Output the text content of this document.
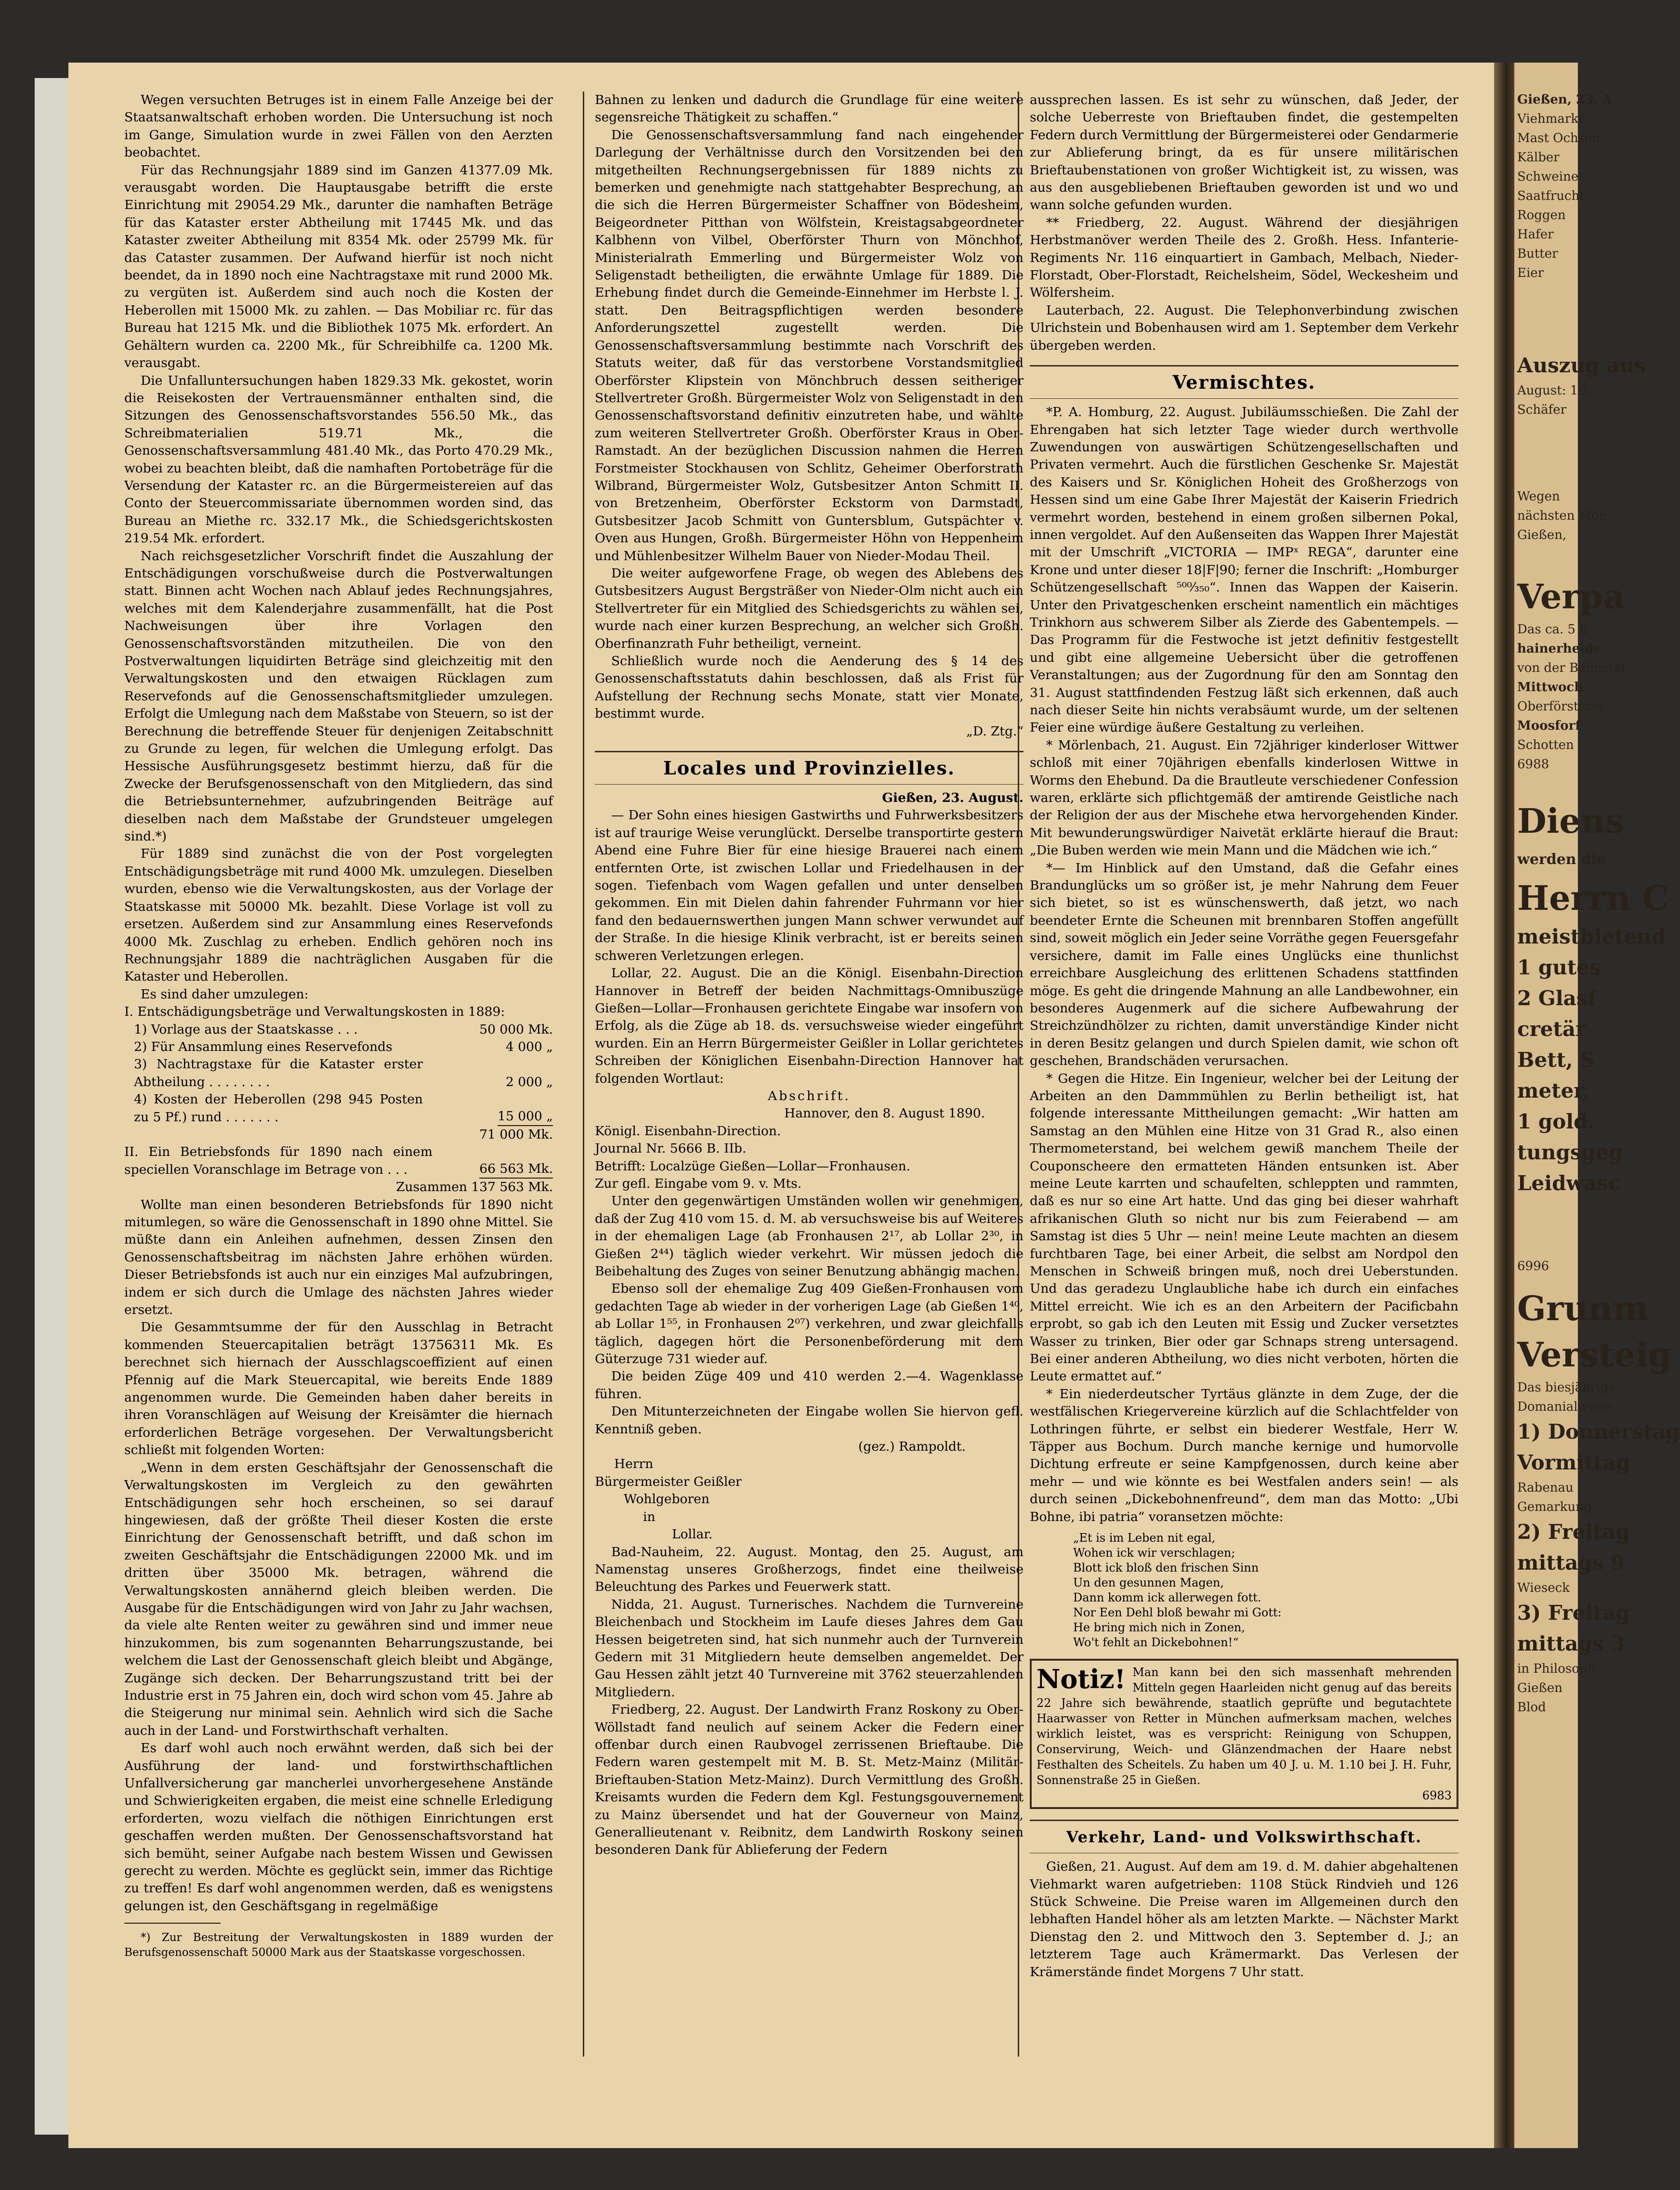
Wegen versuchten Betruges ist in einem Falle Anzeige bei der Staatsanwaltschaft erhoben worden. Die Untersuchung ist noch im Gange, Simulation wurde in zwei Fällen von den Aerzten beobachtet.

Für das Rechnungsjahr 1889 sind im Ganzen 41377.09 Mk. verausgabt worden. Die Hauptausgabe betrifft die erste Einrichtung mit 29054.29 Mk., darunter die namhaften Beträge für das Kataster erster Abtheilung mit 17445 Mk. und das Kataster zweiter Abtheilung mit 8354 Mk. oder 25799 Mk. für das Cataster zusammen. Der Aufwand hierfür ist noch nicht beendet, da in 1890 noch eine Nachtragstaxe mit rund 2000 Mk. zu vergüten ist. Außerdem sind auch noch die Kosten der Heberollen mit 15000 Mk. zu zahlen. — Das Mobiliar rc. für das Bureau hat 1215 Mk. und die Bibliothek 1075 Mk. erfordert. An Gehältern wurden ca. 2200 Mk., für Schreibhilfe ca. 1200 Mk. verausgabt.

Die Unfalluntersuchungen haben 1829.33 Mk. gekostet, worin die Reisekosten der Vertrauensmänner enthalten sind, die Sitzungen des Genossenschaftsvorstandes 556.50 Mk., das Schreibmaterialien 519.71 Mk., die Genossenschaftsversammlung 481.40 Mk., das Porto 470.29 Mk., wobei zu beachten bleibt, daß die namhaften Portobeträge für die Versendung der Kataster rc. an die Bürgermeistereien auf das Conto der Steuercommissariate übernommen worden sind, das Bureau an Miethe rc. 332.17 Mk., die Schiedsgerichtskosten 219.54 Mk. erfordert.

Nach reichsgesetzlicher Vorschrift findet die Auszahlung der Entschädigungen vorschußweise durch die Postverwaltungen statt. Binnen acht Wochen nach Ablauf jedes Rechnungsjahres, welches mit dem Kalenderjahre zusammenfällt, hat die Post Nachweisungen über ihre Vorlagen den Genossenschaftsvorständen mitzutheilen. Die von den Postverwaltungen liquidirten Beträge sind gleichzeitig mit den Verwaltungskosten und den etwaigen Rücklagen zum Reservefonds auf die Genossenschaftsmitglieder umzulegen. Erfolgt die Umlegung nach dem Maßstabe von Steuern, so ist der Berechnung die betreffende Steuer für denjenigen Zeitabschnitt zu Grunde zu legen, für welchen die Umlegung erfolgt. Das Hessische Ausführungsgesetz bestimmt hierzu, daß für die Zwecke der Berufsgenossenschaft von den Mitgliedern, das sind die Betriebsunternehmer, aufzubringenden Beiträge auf dieselben nach dem Maßstabe der Grundsteuer umgelegen sind.*)

Für 1889 sind zunächst die von der Post vorgelegten Entschädigungsbeträge mit rund 4000 Mk. umzulegen. Dieselben wurden, ebenso wie die Verwaltungskosten, aus der Vorlage der Staatskasse mit 50000 Mk. bezahlt. Diese Vorlage ist voll zu ersetzen. Außerdem sind zur Ansammlung eines Reservefonds 4000 Mk. Zuschlag zu erheben. Endlich gehören noch ins Rechnungsjahr 1889 die nachträglichen Ausgaben für die Kataster und Heberollen.

Es sind daher umzulegen:

I. Entschädigungsbeträge und Verwaltungskosten in 1889:

1) Vorlage aus der Staatskasse . . .	50 000 Mk.
2) Für Ansammlung eines Reservefonds	4 000 „
3) Nachtragstaxe für die Kataster erster Abtheilung . . . . . . . .	2 000 „
4) Kosten der Heberollen (298 945 Posten zu 5 Pf.) rund . . . . . . .	15 000 „
71 000 Mk.
II. Ein Betriebsfonds für 1890 nach einem speciellen Voranschlage im Betrage von . . .	66 563 Mk.
Zusammen 137 563 Mk.

Wollte man einen besonderen Betriebsfonds für 1890 nicht mitumlegen, so wäre die Genossenschaft in 1890 ohne Mittel. Sie müßte dann ein Anleihen aufnehmen, dessen Zinsen den Genossenschaftsbeitrag im nächsten Jahre erhöhen würden. Dieser Betriebsfonds ist auch nur ein einziges Mal aufzubringen, indem er sich durch die Umlage des nächsten Jahres wieder ersetzt.

Die Gesammtsumme der für den Ausschlag in Betracht kommenden Steuercapitalien beträgt 13756311 Mk. Es berechnet sich hiernach der Ausschlagscoeffizient auf einen Pfennig auf die Mark Steuercapital, wie bereits Ende 1889 angenommen wurde. Die Gemeinden haben daher bereits in ihren Voranschlägen auf Weisung der Kreisämter die hiernach erforderlichen Beträge vorgesehen. Der Verwaltungsbericht schließt mit folgenden Worten:

„Wenn in dem ersten Geschäftsjahr der Genossenschaft die Verwaltungskosten im Vergleich zu den gewährten Entschädigungen sehr hoch erscheinen, so sei darauf hingewiesen, daß der größte Theil dieser Kosten die erste Einrichtung der Genossenschaft betrifft, und daß schon im zweiten Geschäftsjahr die Entschädigungen 22000 Mk. und im dritten über 35000 Mk. betragen, während die Verwaltungskosten annähernd gleich bleiben werden. Die Ausgabe für die Entschädigungen wird von Jahr zu Jahr wachsen, da viele alte Renten weiter zu gewähren sind und immer neue hinzukommen, bis zum sogenannten Beharrungszustande, bei welchem die Last der Genossenschaft gleich bleibt und Abgänge, Zugänge sich decken. Der Beharrungszustand tritt bei der Industrie erst in 75 Jahren ein, doch wird schon vom 45. Jahre ab die Steigerung nur minimal sein. Aehnlich wird sich die Sache auch in der Land- und Forstwirthschaft verhalten.

Es darf wohl auch noch erwähnt werden, daß sich bei der Ausführung der land- und forstwirthschaftlichen Unfallversicherung gar mancherlei unvorhergesehene Anstände und Schwierigkeiten ergaben, die meist eine schnelle Erledigung erforderten, wozu vielfach die nöthigen Einrichtungen erst geschaffen werden mußten. Der Genossenschaftsvorstand hat sich bemüht, seiner Aufgabe nach bestem Wissen und Gewissen gerecht zu werden. Möchte es geglückt sein, immer das Richtige zu treffen! Es darf wohl angenommen werden, daß es wenigstens gelungen ist, den Geschäftsgang in regelmäßige

*) Zur Bestreitung der Verwaltungskosten in 1889 wurden der Berufsgenossenschaft 50000 Mark aus der Staatskasse vorgeschossen.

Bahnen zu lenken und dadurch die Grundlage für eine weitere segensreiche Thätigkeit zu schaffen.“

Die Genossenschaftsversammlung fand nach eingehender Darlegung der Verhältnisse durch den Vorsitzenden bei den mitgetheilten Rechnungsergebnissen für 1889 nichts zu bemerken und genehmigte nach stattgehabter Besprechung, an die sich die Herren Bürgermeister Schaffner von Bödesheim, Beigeordneter Pitthan von Wölfstein, Kreistagsabgeordneter Kalbhenn von Vilbel, Oberförster Thurn von Mönchhof, Ministerialrath Emmerling und Bürgermeister Wolz von Seligenstadt betheiligten, die erwähnte Umlage für 1889. Die Erhebung findet durch die Gemeinde-Einnehmer im Herbste l. J. statt. Den Beitragspflichtigen werden besondere Anforderungszettel zugestellt werden. Die Genossenschaftsversammlung bestimmte nach Vorschrift des Statuts weiter, daß für das verstorbene Vorstandsmitglied Oberförster Klipstein von Mönchbruch dessen seitheriger Stellvertreter Großh. Bürgermeister Wolz von Seligenstadt in den Genossenschaftsvorstand definitiv einzutreten habe, und wählte zum weiteren Stellvertreter Großh. Oberförster Kraus in Ober-Ramstadt. An der bezüglichen Discussion nahmen die Herren Forstmeister Stockhausen von Schlitz, Geheimer Oberforstrath Wilbrand, Bürgermeister Wolz, Gutsbesitzer Anton Schmitt II. von Bretzenheim, Oberförster Eckstorm von Darmstadt, Gutsbesitzer Jacob Schmitt von Guntersblum, Gutspächter v. Oven aus Hungen, Großh. Bürgermeister Höhn von Heppenheim und Mühlenbesitzer Wilhelm Bauer von Nieder-Modau Theil.

Die weiter aufgeworfene Frage, ob wegen des Ablebens des Gutsbesitzers August Bergsträßer von Nieder-Olm nicht auch ein Stellvertreter für ein Mitglied des Schiedsgerichts zu wählen sei, wurde nach einer kurzen Besprechung, an welcher sich Großh. Oberfinanzrath Fuhr betheiligt, verneint.

Schließlich wurde noch die Aenderung des § 14 des Genossenschaftsstatuts dahin beschlossen, daß als Frist für Aufstellung der Rechnung sechs Monate, statt vier Monate, bestimmt wurde.

„D. Ztg.“
Locales und Provinzielles.
Gießen, 23. August.

— Der Sohn eines hiesigen Gastwirths und Fuhrwerksbesitzers ist auf traurige Weise verunglückt. Derselbe transportirte gestern Abend eine Fuhre Bier für eine hiesige Brauerei nach einem entfernten Orte, ist zwischen Lollar und Friedelhausen in der sogen. Tiefenbach vom Wagen gefallen und unter denselben gekommen. Ein mit Dielen dahin fahrender Fuhrmann vor hier fand den bedauernswerthen jungen Mann schwer verwundet auf der Straße. In die hiesige Klinik verbracht, ist er bereits seinen schweren Verletzungen erlegen.

Lollar, 22. August. Die an die Königl. Eisenbahn-Direction Hannover in Betreff der beiden Nachmittags-Omnibuszüge Gießen—Lollar—Fronhausen gerichtete Eingabe war insofern von Erfolg, als die Züge ab 18. ds. versuchsweise wieder eingeführt wurden. Ein an Herrn Bürgermeister Geißler in Lollar gerichtetes Schreiben der Königlichen Eisenbahn-Direction Hannover hat folgenden Wortlaut:

Abschrift.
Hannover, den 8. August 1890.
Königl. Eisenbahn-Direction.
Journal Nr. 5666 B. IIb.
Betrifft: Localzüge Gießen—Lollar—Fronhausen.
Zur gefl. Eingabe vom 9. v. Mts.

Unter den gegenwärtigen Umständen wollen wir genehmigen, daß der Zug 410 vom 15. d. M. ab versuchsweise bis auf Weiteres in der ehemaligen Lage (ab Fronhausen 2¹⁷, ab Lollar 2³⁰, in Gießen 2⁴⁴) täglich wieder verkehrt. Wir müssen jedoch die Beibehaltung des Zuges von seiner Benutzung abhängig machen.

Ebenso soll der ehemalige Zug 409 Gießen-Fronhausen vom gedachten Tage ab wieder in der vorherigen Lage (ab Gießen 1⁴⁰, ab Lollar 1⁵⁵, in Fronhausen 2⁰⁷) verkehren, und zwar gleichfalls täglich, dagegen hört die Personenbeförderung mit dem Güterzuge 731 wieder auf.

Die beiden Züge 409 und 410 werden 2.—4. Wagenklasse führen.

Den Mitunterzeichneten der Eingabe wollen Sie hiervon gefl. Kenntniß geben.

(gez.) Rampoldt.
Herrn
Bürgermeister Geißler
Wohlgeboren
in
Lollar.

Bad-Nauheim, 22. August. Montag, den 25. August, am Namenstag unseres Großherzogs, findet eine theilweise Beleuchtung des Parkes und Feuerwerk statt.

Nidda, 21. August. Turnerisches. Nachdem die Turnvereine Bleichenbach und Stockheim im Laufe dieses Jahres dem Gau Hessen beigetreten sind, hat sich nunmehr auch der Turnverein Gedern mit 31 Mitgliedern heute demselben angemeldet. Der Gau Hessen zählt jetzt 40 Turnvereine mit 3762 steuerzahlenden Mitgliedern.

Friedberg, 22. August. Der Landwirth Franz Roskony zu Ober-Wöllstadt fand neulich auf seinem Acker die Federn einer offenbar durch einen Raubvogel zerrissenen Brieftaube. Die Federn waren gestempelt mit M. B. St. Metz-Mainz (Militär-Brieftauben-Station Metz-Mainz). Durch Vermittlung des Großh. Kreisamts wurden die Federn dem Kgl. Festungsgouvernement zu Mainz übersendet und hat der Gouverneur von Mainz, Generallieutenant v. Reibnitz, dem Landwirth Roskony seinen besonderen Dank für Ablieferung der Federn

aussprechen lassen. Es ist sehr zu wünschen, daß Jeder, der solche Ueberreste von Brieftauben findet, die gestempelten Federn durch Vermittlung der Bürgermeisterei oder Gendarmerie zur Ablieferung bringt, da es für unsere militärischen Brieftaubenstationen von großer Wichtigkeit ist, zu wissen, was aus den ausgebliebenen Brieftauben geworden ist und wo und wann solche gefunden wurden.

** Friedberg, 22. August. Während der diesjährigen Herbstmanöver werden Theile des 2. Großh. Hess. Infanterie-Regiments Nr. 116 einquartiert in Gambach, Melbach, Nieder-Florstadt, Ober-Florstadt, Reichelsheim, Södel, Weckesheim und Wölfersheim.

Lauterbach, 22. August. Die Telephonverbindung zwischen Ulrichstein und Bobenhausen wird am 1. September dem Verkehr übergeben werden.

Vermischtes.

*P. A. Homburg, 22. August. Jubiläumsschießen. Die Zahl der Ehrengaben hat sich letzter Tage wieder durch werthvolle Zuwendungen von auswärtigen Schützengesellschaften und Privaten vermehrt. Auch die fürstlichen Geschenke Sr. Majestät des Kaisers und Sr. Königlichen Hoheit des Großherzogs von Hessen sind um eine Gabe Ihrer Majestät der Kaiserin Friedrich vermehrt worden, bestehend in einem großen silbernen Pokal, innen vergoldet. Auf den Außenseiten das Wappen Ihrer Majestät mit der Umschrift „VICTORIA — IMPˣ REGA“, darunter eine Krone und unter dieser 18|F|90; ferner die Inschrift: „Homburger Schützengesellschaft ⁵⁰⁰⁄₃₅₀“. Innen das Wappen der Kaiserin. Unter den Privatgeschenken erscheint namentlich ein mächtiges Trinkhorn aus schwerem Silber als Zierde des Gabentempels. — Das Programm für die Festwoche ist jetzt definitiv festgestellt und gibt eine allgemeine Uebersicht über die getroffenen Veranstaltungen; aus der Zugordnung für den am Sonntag den 31. August stattfindenden Festzug läßt sich erkennen, daß auch nach dieser Seite hin nichts verabsäumt wurde, um der seltenen Feier eine würdige äußere Gestaltung zu verleihen.

* Mörlenbach, 21. August. Ein 72jähriger kinderloser Wittwer schloß mit einer 70jährigen ebenfalls kinderlosen Wittwe in Worms den Ehebund. Da die Brautleute verschiedener Confession waren, erklärte sich pflichtgemäß der amtirende Geistliche nach der Religion der aus der Mischehe etwa hervorgehenden Kinder. Mit bewunderungswürdiger Naivetät erklärte hierauf die Braut: „Die Buben werden wie mein Mann und die Mädchen wie ich.“

*— Im Hinblick auf den Umstand, daß die Gefahr eines Brandunglücks um so größer ist, je mehr Nahrung dem Feuer sich bietet, so ist es wünschenswerth, daß jetzt, wo nach beendeter Ernte die Scheunen mit brennbaren Stoffen angefüllt sind, soweit möglich ein Jeder seine Vorräthe gegen Feuersgefahr versichere, damit im Falle eines Unglücks eine thunlichst erreichbare Ausgleichung des erlittenen Schadens stattfinden möge. Es geht die dringende Mahnung an alle Landbewohner, ein besonderes Augenmerk auf die sichere Aufbewahrung der Streichzündhölzer zu richten, damit unverständige Kinder nicht in deren Besitz gelangen und durch Spielen damit, wie schon oft geschehen, Brandschäden verursachen.

* Gegen die Hitze. Ein Ingenieur, welcher bei der Leitung der Arbeiten an den Dammmühlen zu Berlin betheiligt ist, hat folgende interessante Mittheilungen gemacht: „Wir hatten am Samstag an den Mühlen eine Hitze von 31 Grad R., also einen Thermometerstand, bei welchem gewiß manchem Theile der Couponscheere den ermatteten Händen entsunken ist. Aber meine Leute karrten und schaufelten, schleppten und rammten, daß es nur so eine Art hatte. Und das ging bei dieser wahrhaft afrikanischen Gluth so nicht nur bis zum Feierabend — am Samstag ist dies 5 Uhr — nein! meine Leute machten an diesem furchtbaren Tage, bei einer Arbeit, die selbst am Nordpol den Menschen in Schweiß bringen muß, noch drei Ueberstunden. Und das geradezu Unglaubliche habe ich durch ein einfaches Mittel erreicht. Wie ich es an den Arbeitern der Pacificbahn erprobt, so gab ich den Leuten mit Essig und Zucker versetztes Wasser zu trinken, Bier oder gar Schnaps streng untersagend. Bei einer anderen Abtheilung, wo dies nicht verboten, hörten die Leute ermattet auf.“

* Ein niederdeutscher Tyrtäus glänzte in dem Zuge, der die westfälischen Kriegervereine kürzlich auf die Schlachtfelder von Lothringen führte, er selbst ein biederer Westfale, Herr W. Täpper aus Bochum. Durch manche kernige und humorvolle Dichtung erfreute er seine Kampfgenossen, durch keine aber mehr — und wie könnte es bei Westfalen anders sein! — als durch seinen „Dickebohnenfreund“, dem man das Motto: „Ubi Bohne, ibi patria“ voransetzen möchte:

„Et is im Leben nit egal,
Wohen ick wir verschlagen;
Blott ick bloß den frischen Sinn
Un den gesunnen Magen,
Dann komm ick allerwegen fott.
Nor Een Dehl bloß bewahr mi Gott:
He bring mich nich in Zonen,
Wo't fehlt an Dickebohnen!“
Notiz! Man kann bei den sich massenhaft mehrenden Mitteln gegen Haarleiden nicht genug auf das bereits 22 Jahre sich bewährende, staatlich geprüfte und begutachtete Haarwasser von Retter in München aufmerksam machen, welches wirklich leistet, was es verspricht: Reinigung von Schuppen, Conservirung, Weich- und Glänzendmachen der Haare nebst Festhalten des Scheitels. Zu haben um 40 J. u. M. 1.10 bei J. H. Fuhr, Sonnenstraße 25 in Gießen.
6983
Verkehr, Land- und Volkswirthschaft.

Gießen, 21. August. Auf dem am 19. d. M. dahier abgehaltenen Viehmarkt waren aufgetrieben: 1108 Stück Rindvieh und 126 Stück Schweine. Die Preise waren im Allgemeinen durch den lebhaften Handel höher als am letzten Markte. — Nächster Markt Dienstag den 2. und Mittwoch den 3. September d. J.; an letzterem Tage auch Krämermarkt. Das Verlesen der Krämerstände findet Morgens 7 Uhr statt.

Gießen, 23. A

Viehmarkt

Mast Ochsen

Kälber

Schweine

Saatfrucht

Roggen

Hafer

Butter

Eier

Auszug aus

August: 16.

Schäfer

Wegen

nächsten Mon

Gießen,

Verpa

Das ca. 5 h

hainerheide

von der Bahnstat

Mittwoch

Oberförsterei

Moosforf

Schotten

6988

Diens

werden die

Herrn C

meistbietend

1 gutes

2 Glasf

cretär

Bett, S

meter,

1 gold.

tungsgeg

Leidwasc

6996

Grunm

Versteig

Das biesjährige

Domanialwiese

1) Donnerstag

Vormittag

Rabenau

Gemarkung

2) Freitag

mittags 9

Wieseck

3) Freitag

mittags 3

in Philosoph

Gießen

Blod
